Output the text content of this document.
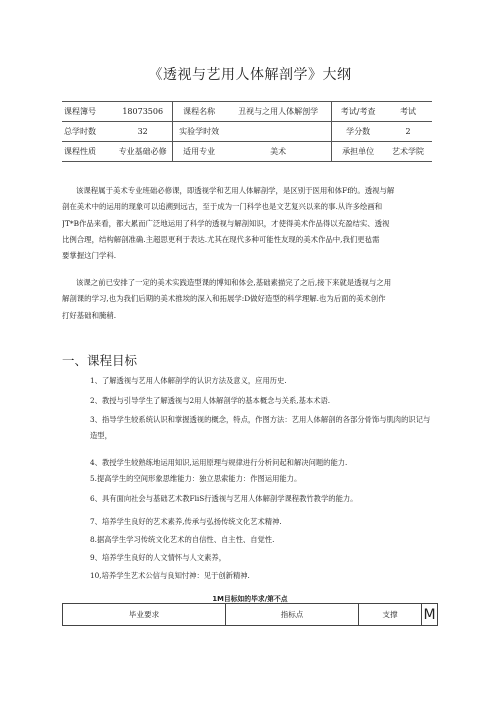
《透视与艺用人体解剖学》大纲
课程簿号	18073506	课程名称	丑视与之用人体解剖学	考试/考查	考试
总学时数	32	实验学时效		学分数	2
课程性质	专业基础必修	适用专业	美术	承担单位	艺术学院
该课程属于美术专业班础必修课，即透视学和艺用人体解剖学，是区别于医用和体Ff的。透视与解
剖在美术中的运用的现象可以追溯到远古，至于成为一门科学也是文艺复兴以来的事.从许多绘画和
JT*B作品来看，都大累而广泛地运用了科学的透视与解剖知识，才使得美术作品得以充盈结实、透视
比例合理，结构解剖准确.主超思更利于表达.尤其在现代多种可能性友现的美术作品中,我们更毡需
要掌握这门学科.
该课之前已安排了一定的美术实践造型课的博知和体会,基础素描完了之后,接下来就是透视与之用
解剖课的学习,也为我们后期的美术推埃的深入和拓展学:D做好造型的科学理解.也为后面的美术创作
打好基础和腌稍.
一、课程目标
1、了解透视与艺用人体解剖学的认识方法及意义，应用历史.
2、教授与引导学生了解透视与2用人体解剖学的基本概念与关系,基本术语.
3、指导学生较系统认识和掌握透视的概念，特点，作图方法：艺用人体解剖的各部分骨饰与肌肉的识记与造型，
4、教授学生较熟练地运用知识,运用原理与规律进行分析问起和解决问题的能力.
5.提高学生的空间形象思维能力：独立思索能力：作图运用能力。
6、具有面向社会与基础艺术教FliS行透视与艺用人体解剖学课程教竹教学的能力。
7、培养学生良好的艺术素养,传承与弘扬传统文化艺术精神.
8.据高学生学习传统文化艺术的自信性、自主性、自觉性.
9、培养学生良好的人文情怀与人文素养，
10,培养学生艺术公信与良知忖神：见于创新精神.
1M目标如的毕求/第不点
毕业要求	指标点	支撑	M
